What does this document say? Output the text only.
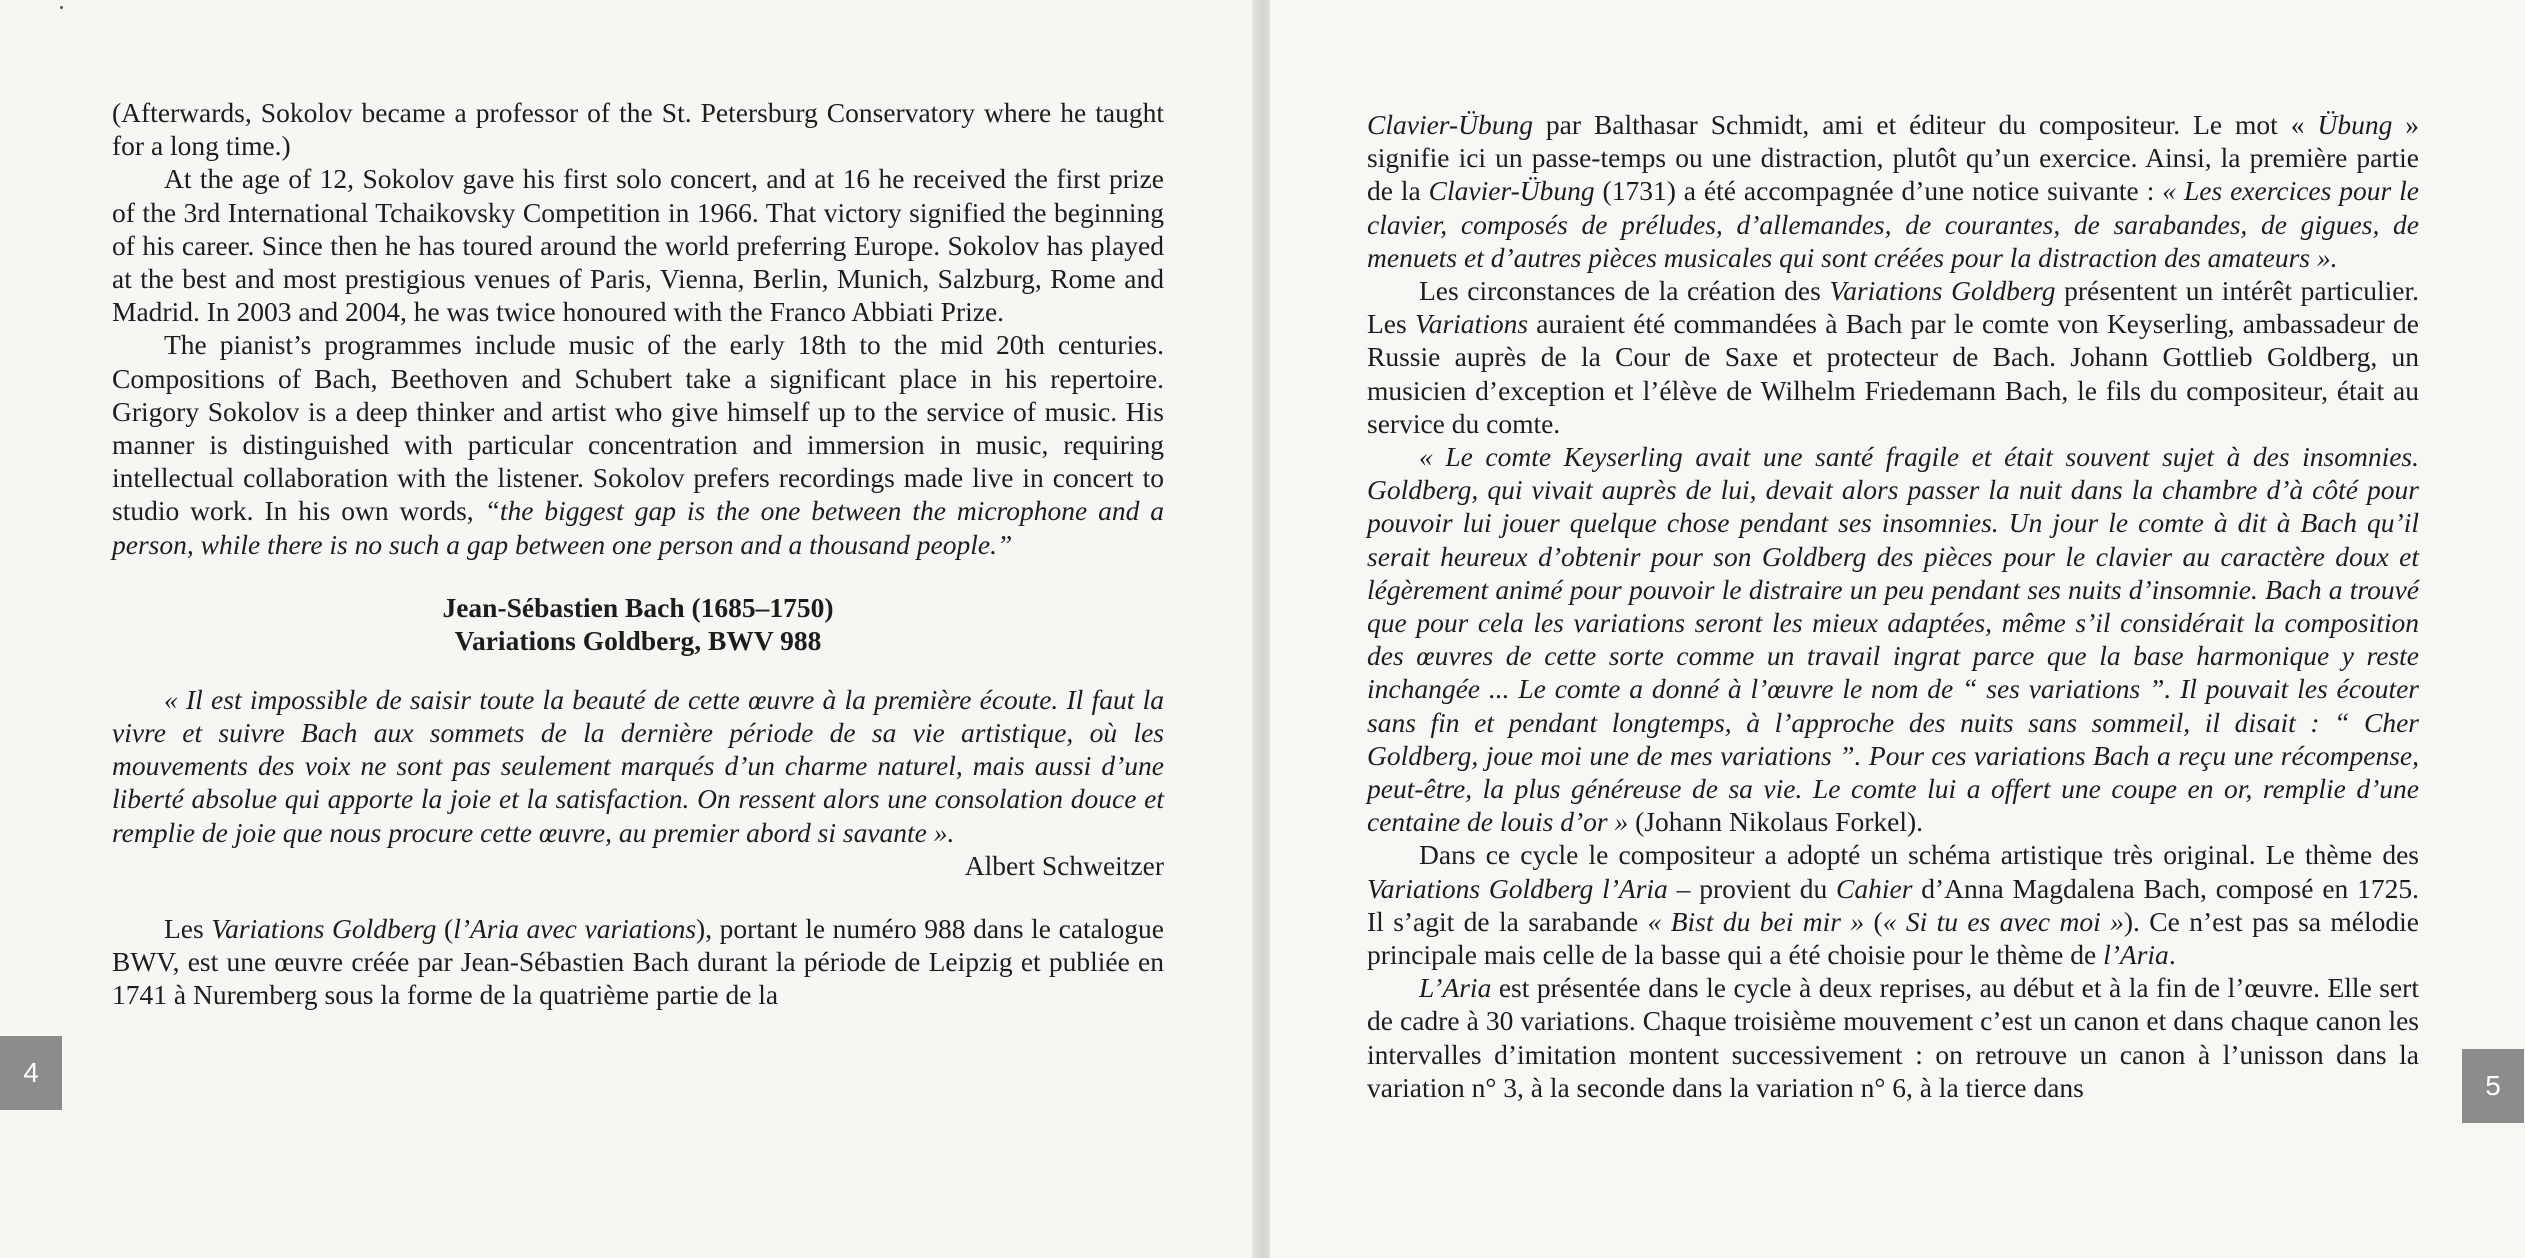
(Afterwards, Sokolov became a professor of the St. Petersburg Conservatory where he taught for a long time.)

At the age of 12, Sokolov gave his first solo concert, and at 16 he received the first prize of the 3rd International Tchaikovsky Competition in 1966. That victory signified the beginning of his career. Since then he has toured around the world preferring Europe. Sokolov has played at the best and most prestigious venues of Paris, Vienna, Berlin, Munich, Salzburg, Rome and Madrid. In 2003 and 2004, he was twice honoured with the Franco Abbiati Prize.

The pianist’s programmes include music of the early 18th to the mid 20th centuries. Compositions of Bach, Beethoven and Schubert take a significant place in his repertoire. Grigory Sokolov is a deep thinker and artist who give himself up to the service of music. His manner is distinguished with particular concentration and immersion in music, requiring intellectual collaboration with the listener. Sokolov prefers recordings made live in concert to studio work. In his own words, “the biggest gap is the one between the microphone and a person, while there is no such a gap between one person and a thousand people.”

Jean-Sébastien Bach (1685–1750)
Variations Goldberg, BWV 988

« Il est impossible de saisir toute la beauté de cette œuvre à la première écoute. Il faut la vivre et suivre Bach aux sommets de la dernière période de sa vie artistique, où les mouvements des voix ne sont pas seulement marqués d’un charme naturel, mais aussi d’une liberté absolue qui apporte la joie et la satisfaction. On ressent alors une consolation douce et remplie de joie que nous procure cette œuvre, au premier abord si savante ».

Albert Schweitzer

Les Variations Goldberg (l’Aria avec variations), portant le numéro 988 dans le catalogue BWV, est une œuvre créée par Jean-Sébastien Bach durant la période de Leipzig et publiée en 1741 à Nuremberg sous la forme de la quatrième partie de la

4

Clavier-Übung par Balthasar Schmidt, ami et éditeur du compositeur. Le mot « Übung » signifie ici un passe-temps ou une distraction, plutôt qu’un exercice. Ainsi, la première partie de la Clavier-Übung (1731) a été accompagnée d’une notice suivante : « Les exercices pour le clavier, composés de préludes, d’allemandes, de courantes, de sarabandes, de gigues, de menuets et d’autres pièces musicales qui sont créées pour la distraction des amateurs ».

Les circonstances de la création des Variations Goldberg présentent un intérêt particulier. Les Variations auraient été commandées à Bach par le comte von Keyserling, ambassadeur de Russie auprès de la Cour de Saxe et protecteur de Bach. Johann Gottlieb Goldberg, un musicien d’exception et l’élève de Wilhelm Friedemann Bach, le fils du compositeur, était au service du comte.

« Le comte Keyserling avait une santé fragile et était souvent sujet à des insomnies. Goldberg, qui vivait auprès de lui, devait alors passer la nuit dans la chambre d’à côté pour pouvoir lui jouer quelque chose pendant ses insomnies. Un jour le comte à dit à Bach qu’il serait heureux d’obtenir pour son Goldberg des pièces pour le clavier au caractère doux et légèrement animé pour pouvoir le distraire un peu pendant ses nuits d’insomnie. Bach a trouvé que pour cela les variations seront les mieux adaptées, même s’il considérait la composition des œuvres de cette sorte comme un travail ingrat parce que la base harmonique y reste inchangée ... Le comte a donné à l’œuvre le nom de “ ses variations ”. Il pouvait les écouter sans fin et pendant longtemps, à l’approche des nuits sans sommeil, il disait : “ Cher Goldberg, joue moi une de mes variations ”. Pour ces variations Bach a reçu une récompense, peut-être, la plus généreuse de sa vie. Le comte lui a offert une coupe en or, remplie d’une centaine de louis d’or » (Johann Nikolaus Forkel).

Dans ce cycle le compositeur a adopté un schéma artistique très original. Le thème des Variations Goldberg l’Aria – provient du Cahier d’Anna Magdalena Bach, composé en 1725. Il s’agit de la sarabande « Bist du bei mir » (« Si tu es avec moi »). Ce n’est pas sa mélodie principale mais celle de la basse qui a été choisie pour le thème de l’Aria.

L’Aria est présentée dans le cycle à deux reprises, au début et à la fin de l’œuvre. Elle sert de cadre à 30 variations. Chaque troisième mouvement c’est un canon et dans chaque canon les intervalles d’imitation montent successivement : on retrouve un canon à l’unisson dans la variation n° 3, à la seconde dans la variation n° 6, à la tierce dans	5
